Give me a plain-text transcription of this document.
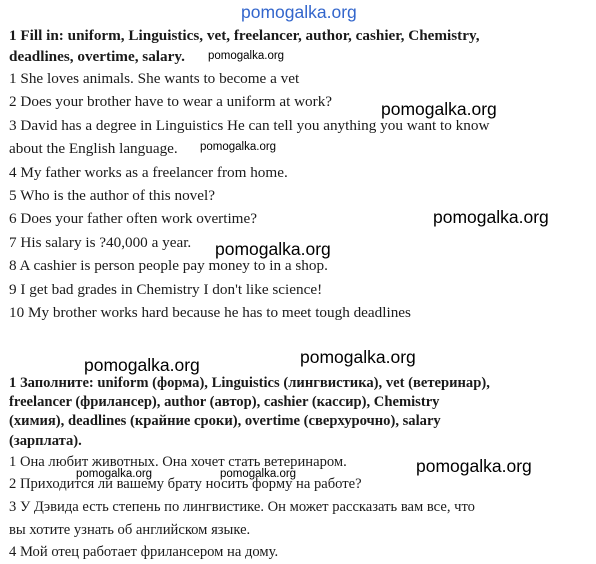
pomogalka.org

1 Fill in: uniform, Linguistics, vet, freelancer, author, cashier, Chemistry,

deadlines, overtime, salary.

1 She loves animals. She wants to become a vet

2 Does your brother have to wear a uniform at work?

3 David has a degree in Linguistics He can tell you anything you want to know

about the English language.

4 My father works as a freelancer from home.

5 Who is the author of this novel?

6 Does your father often work overtime?

7 His salary is ?40,000 a year.

8 A cashier is person people pay money to in a shop.

9 I get bad grades in Chemistry I don't like science!

10 My brother works hard because he has to meet tough deadlines

1 Заполните: uniform (форма), Linguistics (лингвистика), vet (ветеринар),

freelancer (фрилансер), author (автор), cashier (кассир), Chemistry

(химия), deadlines (крайние сроки), overtime (сверхурочно), salary

(зарплата).

1 Она любит животных. Она хочет стать ветеринаром.

2 Приходится ли вашему брату носить форму на работе?

3 У Дэвида есть степень по лингвистике. Он может рассказать вам все, что

вы хотите узнать об английском языке.

4 Мой отец работает фрилансером на дому.

pomogalka.org
pomogalka.org
pomogalka.org
pomogalka.org
pomogalka.org
pomogalka.org	pomogalka.org
pomogalka.org
pomogalka.org	pomogalka.org
